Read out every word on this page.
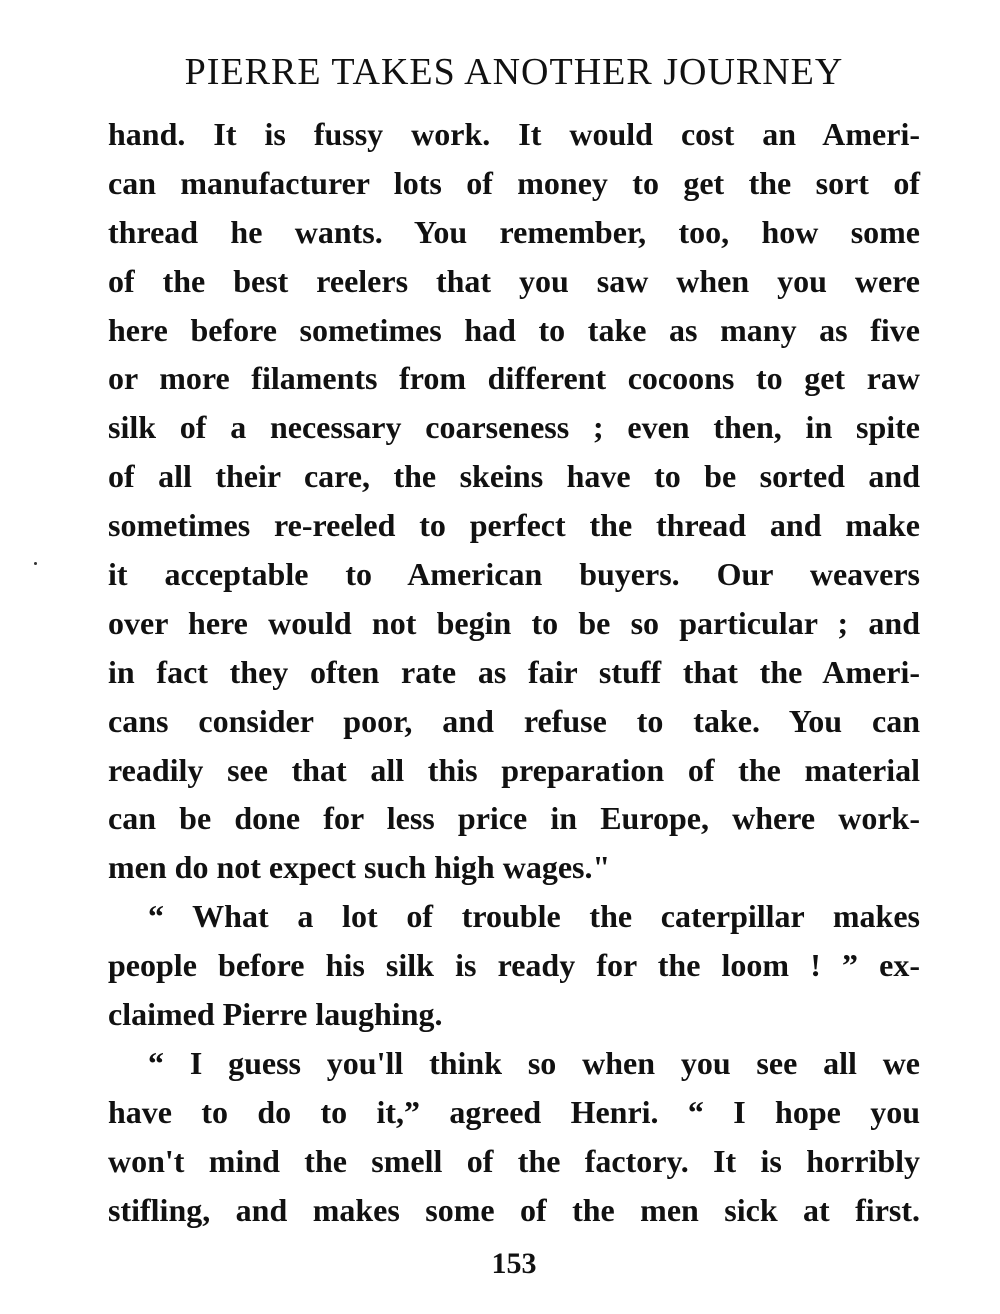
PIERRE TAKES ANOTHER JOURNEY

hand. It is fussy work. It would cost an Ameri-
can manufacturer lots of money to get the sort of
thread he wants. You remember, too, how some
of the best reelers that you saw when you were
here before sometimes had to take as many as five
or more filaments from different cocoons to get raw
silk of a necessary coarseness ; even then, in spite
of all their care, the skeins have to be sorted and
sometimes re-reeled to perfect the thread and make
it acceptable to American buyers. Our weavers
over here would not begin to be so particular ; and
in fact they often rate as fair stuff that the Ameri-
cans consider poor, and refuse to take. You can
readily see that all this preparation of the material
can be done for less price in Europe, where work-
men do not expect such high wages."

“ What a lot of trouble the caterpillar makes
people before his silk is ready for the loom ! ” ex-
claimed Pierre laughing.

“ I guess you'll think so when you see all we
have to do to it,” agreed Henri. “ I hope you
won't mind the smell of the factory. It is horribly
stifling, and makes some of the men sick at first.

153
